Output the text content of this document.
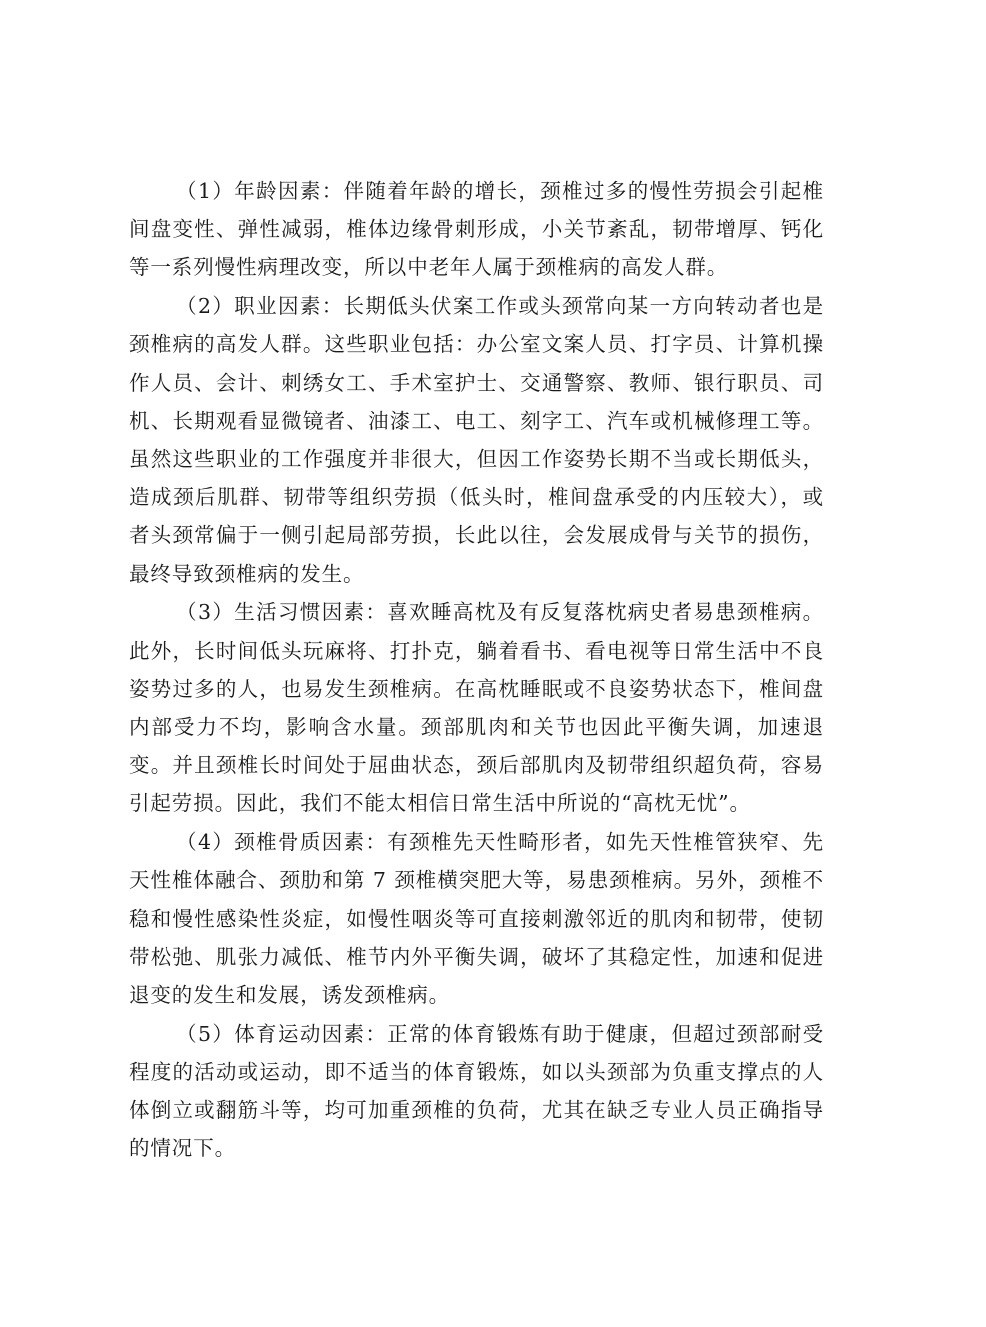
（1）年龄因素：伴随着年龄的增长，颈椎过多的慢性劳损会引起椎间盘变性、弹性减弱，椎体边缘骨刺形成，小关节紊乱，韧带增厚、钙化等一系列慢性病理改变，所以中老年人属于颈椎病的高发人群。

（2）职业因素：长期低头伏案工作或头颈常向某一方向转动者也是颈椎病的高发人群。这些职业包括：办公室文案人员、打字员、计算机操作人员、会计、刺绣女工、手术室护士、交通警察、教师、银行职员、司机、长期观看显微镜者、油漆工、电工、刻字工、汽车或机械修理工等。虽然这些职业的工作强度并非很大，但因工作姿势长期不当或长期低头，造成颈后肌群、韧带等组织劳损（低头时，椎间盘承受的内压较大），或者头颈常偏于一侧引起局部劳损，长此以往，会发展成骨与关节的损伤，最终导致颈椎病的发生。

（3）生活习惯因素：喜欢睡高枕及有反复落枕病史者易患颈椎病。此外，长时间低头玩麻将、打扑克，躺着看书、看电视等日常生活中不良姿势过多的人，也易发生颈椎病。在高枕睡眠或不良姿势状态下，椎间盘内部受力不均，影响含水量。颈部肌肉和关节也因此平衡失调，加速退变。并且颈椎长时间处于屈曲状态，颈后部肌肉及韧带组织超负荷，容易引起劳损。因此，我们不能太相信日常生活中所说的“高枕无忧”。

（4）颈椎骨质因素：有颈椎先天性畸形者，如先天性椎管狭窄、先天性椎体融合、颈肋和第 7 颈椎横突肥大等，易患颈椎病。另外，颈椎不稳和慢性感染性炎症，如慢性咽炎等可直接刺激邻近的肌肉和韧带，使韧带松弛、肌张力减低、椎节内外平衡失调，破坏了其稳定性，加速和促进退变的发生和发展，诱发颈椎病。

（5）体育运动因素：正常的体育锻炼有助于健康，但超过颈部耐受程度的活动或运动，即不适当的体育锻炼，如以头颈部为负重支撑点的人体倒立或翻筋斗等，均可加重颈椎的负荷，尤其在缺乏专业人员正确指导的情况下。
